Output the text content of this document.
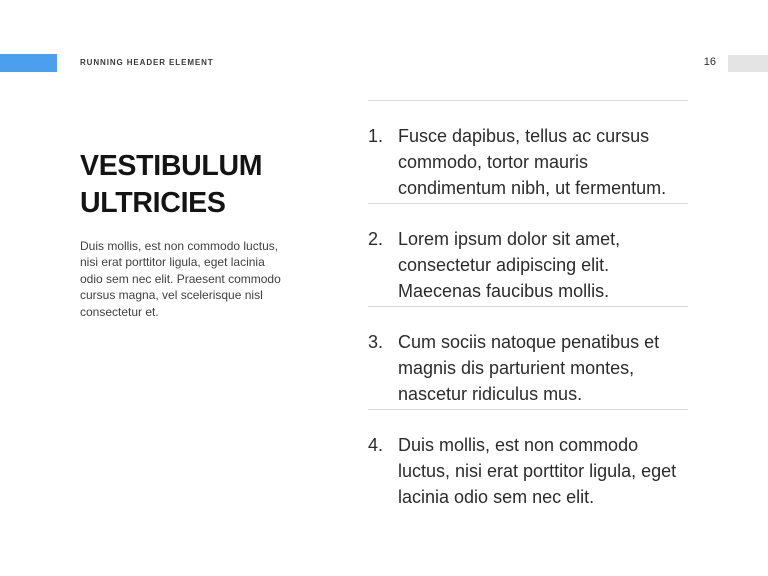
RUNNING HEADER ELEMENT	16
VESTIBULUM ULTRICIES

Duis mollis, est non commodo luctus, nisi erat porttitor ligula, eget lacinia odio sem nec elit. Praesent commodo cursus magna, vel scelerisque nisl consectetur et.

1. Fusce dapibus, tellus ac cursus commodo, tortor mauris condimentum nibh, ut fermentum.
2. Lorem ipsum dolor sit amet, consectetur adipiscing elit. Maecenas faucibus mollis.
3. Cum sociis natoque penatibus et magnis dis parturient montes, nascetur ridiculus mus.
4. Duis mollis, est non commodo luctus, nisi erat porttitor ligula, eget lacinia odio sem nec elit.
